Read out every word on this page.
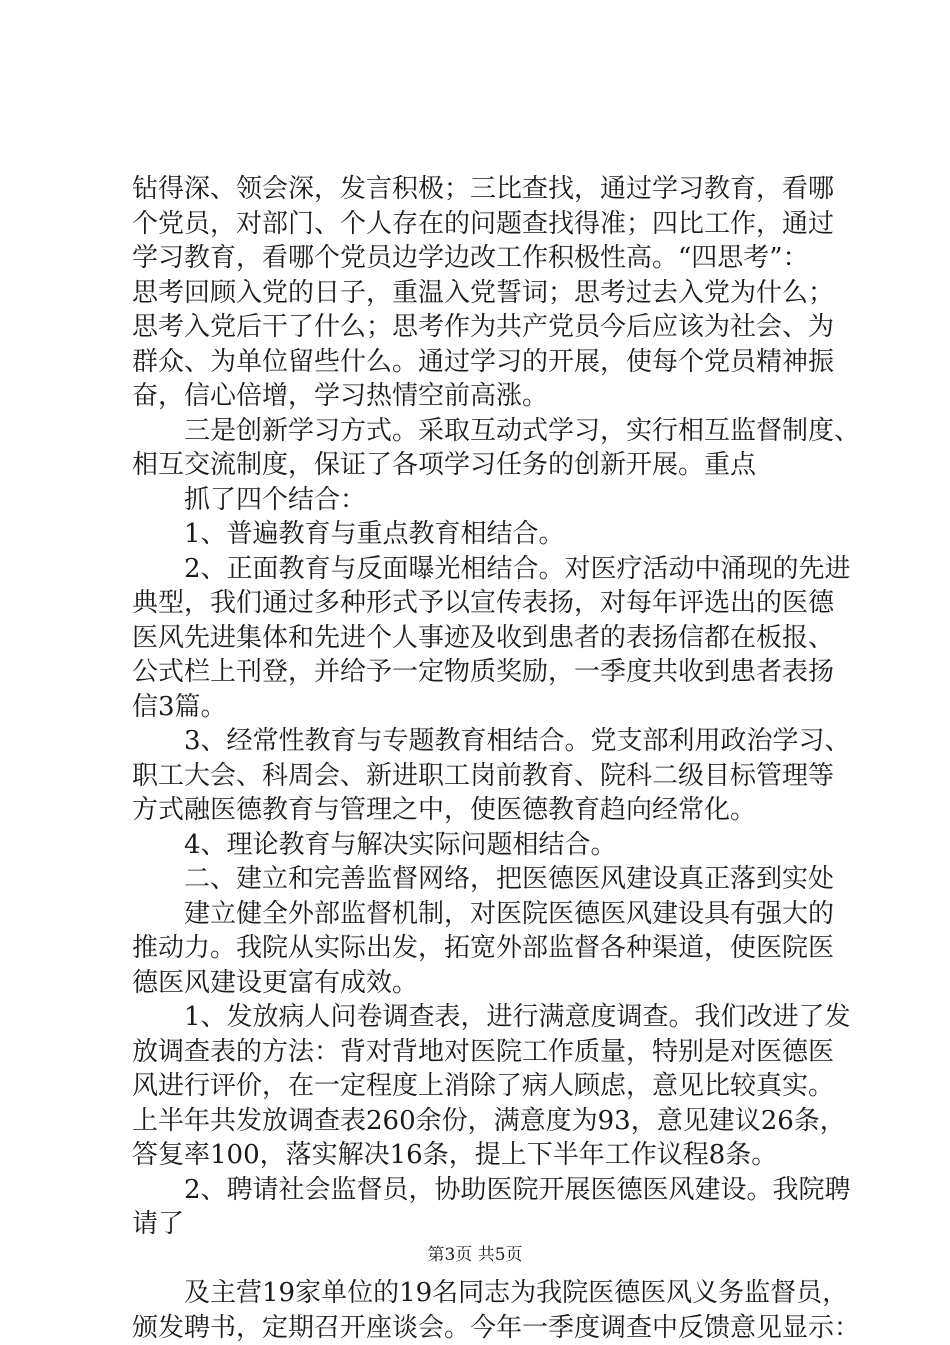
钻得深、领会深，发言积极；三比查找，通过学习教育，看哪
个党员，对部门、个人存在的问题查找得准；四比工作，通过
学习教育，看哪个党员边学边改工作积极性高。“四思考”：
思考回顾入党的日子，重温入党誓词；思考过去入党为什么；
思考入党后干了什么；思考作为共产党员今后应该为社会、为
群众、为单位留些什么。通过学习的开展，使每个党员精神振
奋，信心倍增，学习热情空前高涨。
三是创新学习方式。采取互动式学习，实行相互监督制度、
相互交流制度，保证了各项学习任务的创新开展。重点
抓了四个结合：
1、普遍教育与重点教育相结合。
2、正面教育与反面曝光相结合。对医疗活动中涌现的先进
典型，我们通过多种形式予以宣传表扬，对每年评选出的医德
医风先进集体和先进个人事迹及收到患者的表扬信都在板报、
公式栏上刊登，并给予一定物质奖励，一季度共收到患者表扬
信3篇。
3、经常性教育与专题教育相结合。党支部利用政治学习、
职工大会、科周会、新进职工岗前教育、院科二级目标管理等
方式融医德教育与管理之中，使医德教育趋向经常化。
4、理论教育与解决实际问题相结合。
二、建立和完善监督网络，把医德医风建设真正落到实处
建立健全外部监督机制，对医院医德医风建设具有强大的
推动力。我院从实际出发，拓宽外部监督各种渠道，使医院医
德医风建设更富有成效。
1、发放病人问卷调查表，进行满意度调查。我们改进了发
放调查表的方法：背对背地对医院工作质量，特别是对医德医
风进行评价，在一定程度上消除了病人顾虑，意见比较真实。
上半年共发放调查表260余份，满意度为93，意见建议26条，
答复率100，落实解决16条，提上下半年工作议程8条。
2、聘请社会监督员，协助医院开展医德医风建设。我院聘
请了
及主营19家单位的19名同志为我院医德医风义务监督员，
颁发聘书，定期召开座谈会。今年一季度调查中反馈意见显示：
第3页 共5页
